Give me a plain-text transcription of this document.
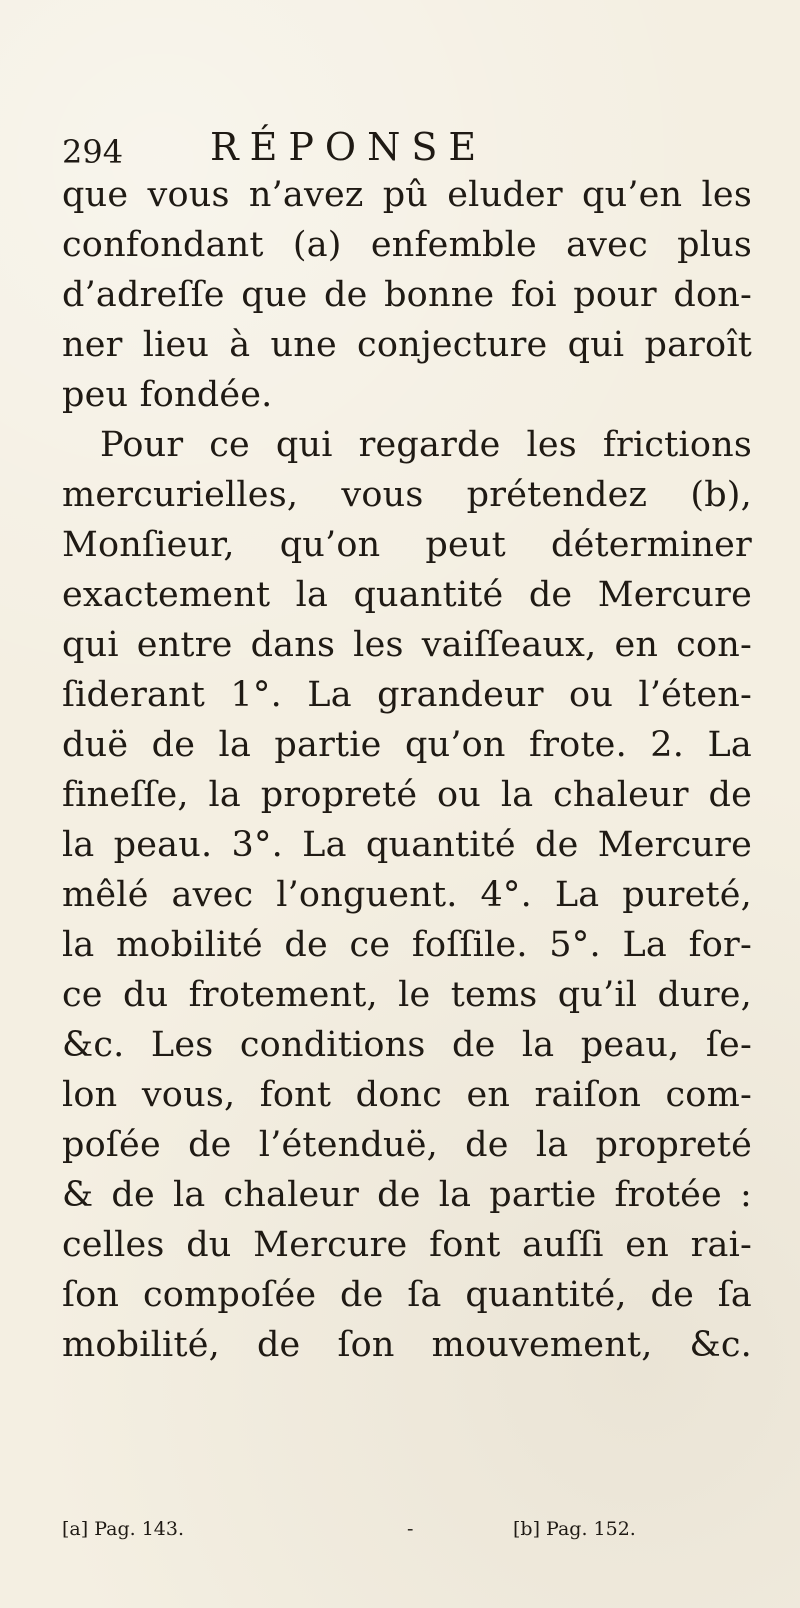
294 RÉPONSE
que vous n’avez pû eluder qu’en les
confondant (a) enfemble avec plus
d’adreſſe que de bonne foi pour don-
ner lieu à une conjecture qui paroît
peu fondée.
Pour ce qui regarde les frictions
mercurielles, vous prétendez (b),
Monſieur, qu’on peut déterminer
exactement la quantité de Mercure
qui entre dans les vaiſſeaux, en con-
ſiderant 1°. La grandeur ou l’éten-
duë de la partie qu’on frote. 2. La
fineſſe, la propreté ou la chaleur de
la peau. 3°. La quantité de Mercure
mêlé avec l’onguent. 4°. La pureté,
la mobilité de ce foſſile. 5°. La for-
ce du frotement, le tems qu’il dure,
&c. Les conditions de la peau, ſe-
lon vous, font donc en raiſon com-
poſée de l’étenduë, de la propreté
& de la chaleur de la partie frotée :
celles du Mercure font auſſi en rai-
ſon compoſée de ſa quantité, de ſa
mobilité, de ſon mouvement, &c.
[a] Pag. 143.	-	[b] Pag. 152.
